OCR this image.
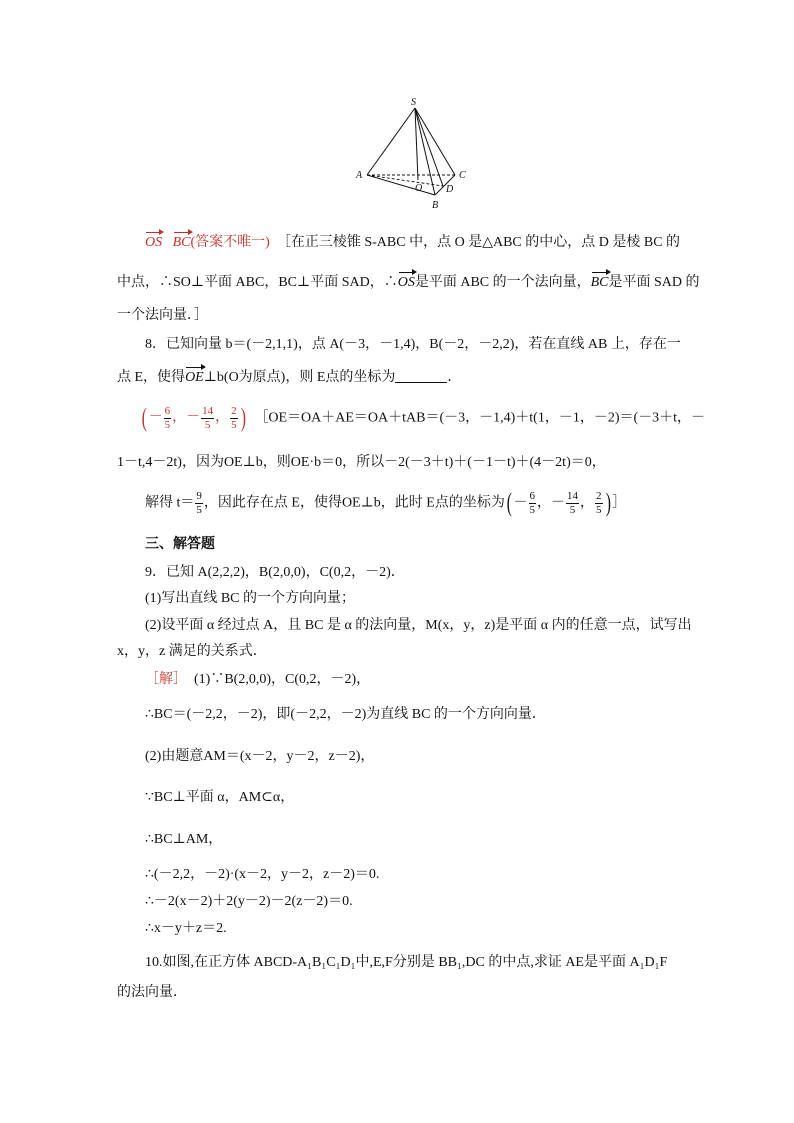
S
A	C
O D
B
OS BC(答案不唯一) ［在正三棱锥 S-ABC 中，点 O 是△ABC 的中心，点 D 是棱 BC 的
中点，∴SO⊥平面 ABC，BC⊥平面 SAD，∴OS是平面 ABC 的一个法向量，BC是平面 SAD 的
一个法向量．］
8．已知向量 b＝(－2,1,1)，点 A(－3，－1,4)，B(－2，－2,2)，若在直线 AB 上，存在一
点 E，使得OE⊥b(O为原点)，则 E点的坐标为	．
( － $\frac{6}{5}$ ，－ $\frac{14}{5}$ ， $\frac{2}{5}$ ) ［OE＝OA＋AE＝OA＋tAB＝(－3，－1,4)＋t(1，－1，－2)＝(－3＋t，－
1－t,4－2t)，因为OE⊥b，则OE·b＝0，所以－2(－3＋t)＋(－1－t)＋(4－2t)＝0，
解得 $t= \frac{9}{5}$ ，因此存在点 E，使得OE⊥b，此时 E点的坐标为( － $\frac{6}{5}$ ，－ $\frac{14}{5}$ ， $\frac{2}{5}$ ) ］
三、解答题
9．已知 A(2,2,2)，B(2,0,0)，C(0,2，－2)．
(1)写出直线 BC 的一个方向向量；
(2)设平面 α 经过点 A，且 BC 是 α 的法向量，M(x，y，z)是平面 α 内的任意一点，试写出
x，y，z 满足的关系式．
［解］ (1)∵B(2,0,0)，C(0,2，－2)，
∴BC＝(－2,2，－2)，即(－2,2，－2)为直线 BC 的一个方向向量．
(2)由题意AM＝(x－2，y－2，z－2)，
∵BC⊥平面 α，AM⊂α，
∴BC⊥AM，
∴(－2,2，－2)·(x－2，y－2，z－2)＝0.
∴－2(x－2)＋2(y－2)－2(z－2)＝0.
∴x－y＋z＝2.
10.如图,在正方体 ABCD-A₁B₁C₁D₁中,E,F分别是 BB₁,DC 的中点,求证 AE是平面 A₁D₁F
的法向量．
